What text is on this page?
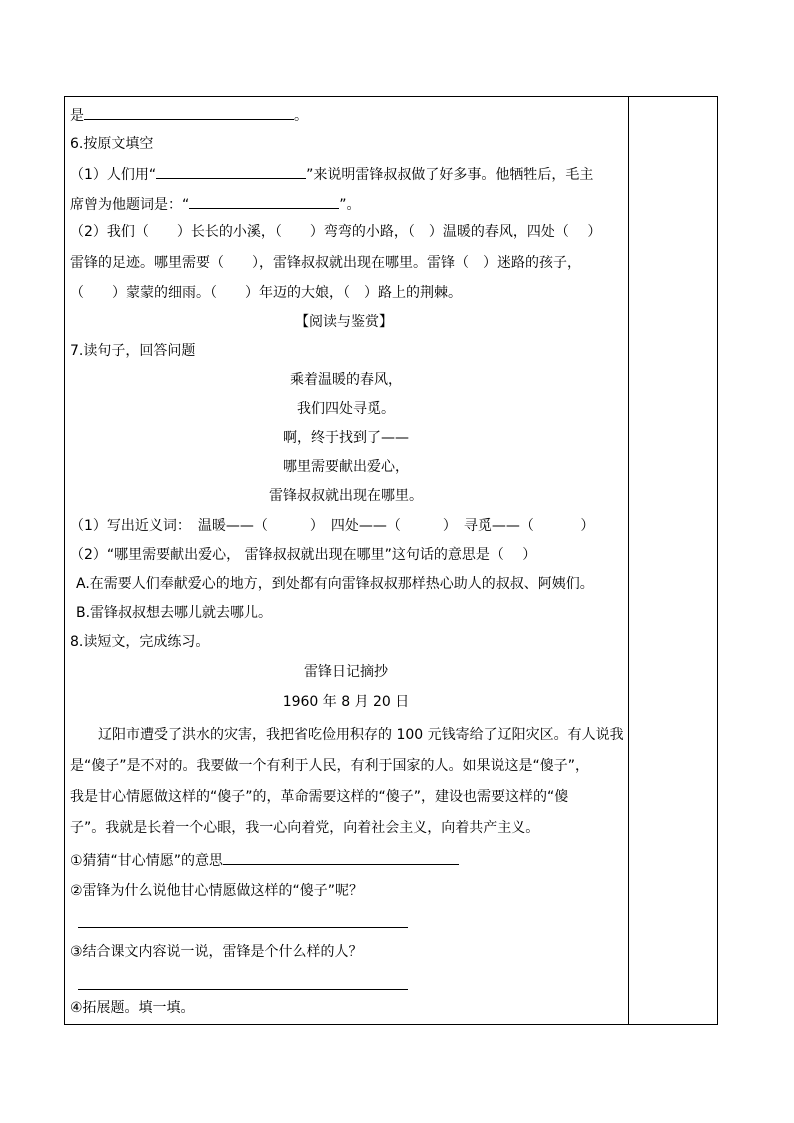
是	。
6.按原文填空
（1）人们用“	”来说明雷锋叔叔做了好多事。他牺牲后，毛主
席曾为他题词是：“	”。
（2）我们（　　）长长的小溪，（　　）弯弯的小路，（　）温暖的春风，四处（　 ）
雷锋的足迹。哪里需要（　　），雷锋叔叔就出现在哪里。雷锋（　）迷路的孩子，
（　　）蒙蒙的细雨。（　　）年迈的大娘，（　）路上的荆棘。
【阅读与鉴赏】
7.读句子，回答问题
乘着温暖的春风，
我们四处寻觅。
啊，终于找到了——
哪里需要献出爱心，
雷锋叔叔就出现在哪里。
（1）写出近义词：　温暖——（　　　）　四处——（　　　）　寻觅——（　　　 ）
（2）“哪里需要献出爱心， 雷锋叔叔就出现在哪里”这句话的意思是（　 ）
A.在需要人们奉献爱心的地方，到处都有向雷锋叔叔那样热心助人的叔叔、阿姨们。
B.雷锋叔叔想去哪儿就去哪儿。
8.读短文，完成练习。
雷锋日记摘抄
1960 年 8 月 20 日
辽阳市遭受了洪水的灾害，我把省吃俭用积存的 100 元钱寄给了辽阳灾区。有人说我
是“傻子”是不对的。我要做一个有利于人民，有利于国家的人。如果说这是“傻子”，
我是甘心情愿做这样的“傻子”的，革命需要这样的“傻子”，建设也需要这样的“傻
子”。我就是长着一个心眼，我一心向着党，向着社会主义，向着共产主义。
①猜猜“甘心情愿”的意思
②雷锋为什么说他甘心情愿做这样的“傻子”呢？
③结合课文内容说一说，雷锋是个什么样的人？
④拓展题。填一填。
